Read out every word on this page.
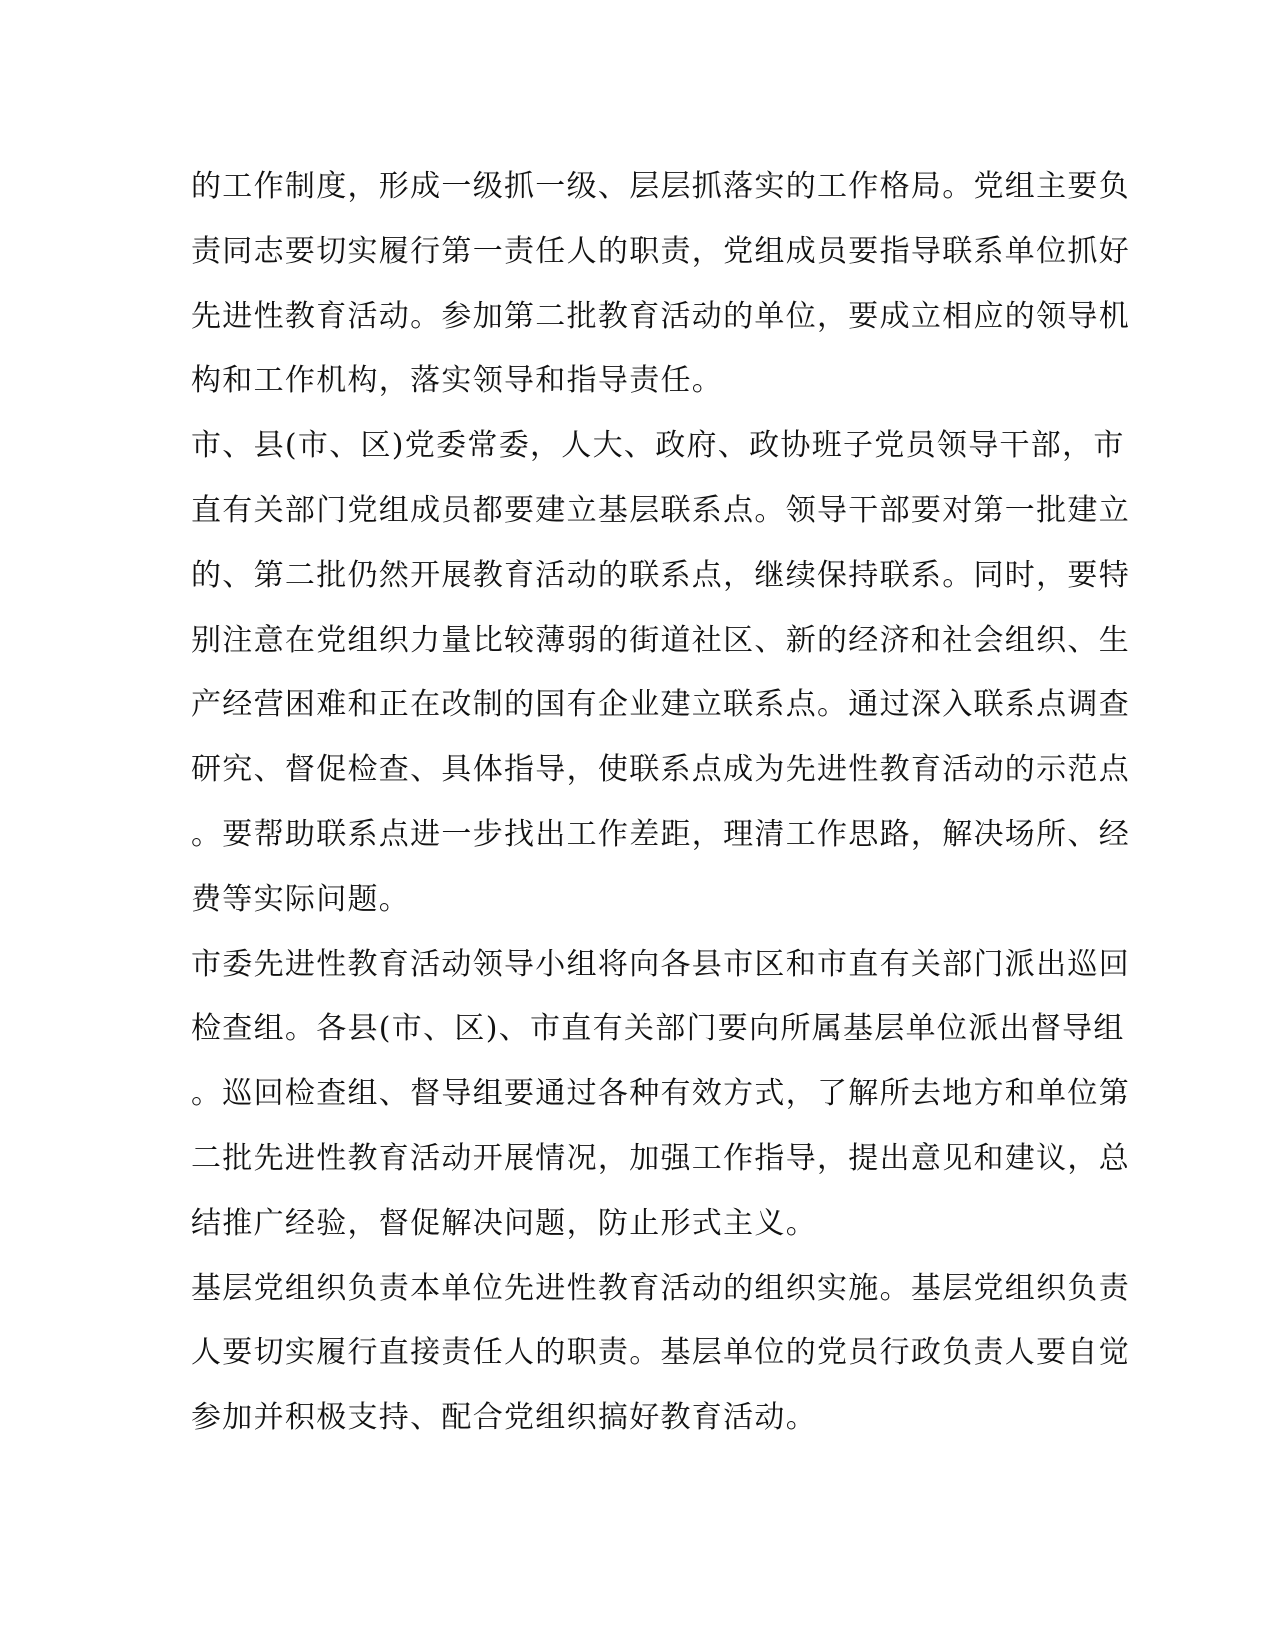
的工作制度，形成一级抓一级、层层抓落实的工作格局。党组主要负
责同志要切实履行第一责任人的职责，党组成员要指导联系单位抓好
先进性教育活动。参加第二批教育活动的单位，要成立相应的领导机
构和工作机构，落实领导和指导责任。
市、县(市、区)党委常委，人大、政府、政协班子党员领导干部，市
直有关部门党组成员都要建立基层联系点。领导干部要对第一批建立
的、第二批仍然开展教育活动的联系点，继续保持联系。同时，要特
别注意在党组织力量比较薄弱的街道社区、新的经济和社会组织、生
产经营困难和正在改制的国有企业建立联系点。通过深入联系点调查
研究、督促检查、具体指导，使联系点成为先进性教育活动的示范点
。要帮助联系点进一步找出工作差距，理清工作思路，解决场所、经
费等实际问题。
市委先进性教育活动领导小组将向各县市区和市直有关部门派出巡回
检查组。各县(市、区)、市直有关部门要向所属基层单位派出督导组
。巡回检查组、督导组要通过各种有效方式，了解所去地方和单位第
二批先进性教育活动开展情况，加强工作指导，提出意见和建议，总
结推广经验，督促解决问题，防止形式主义。
基层党组织负责本单位先进性教育活动的组织实施。基层党组织负责
人要切实履行直接责任人的职责。基层单位的党员行政负责人要自觉
参加并积极支持、配合党组织搞好教育活动。
